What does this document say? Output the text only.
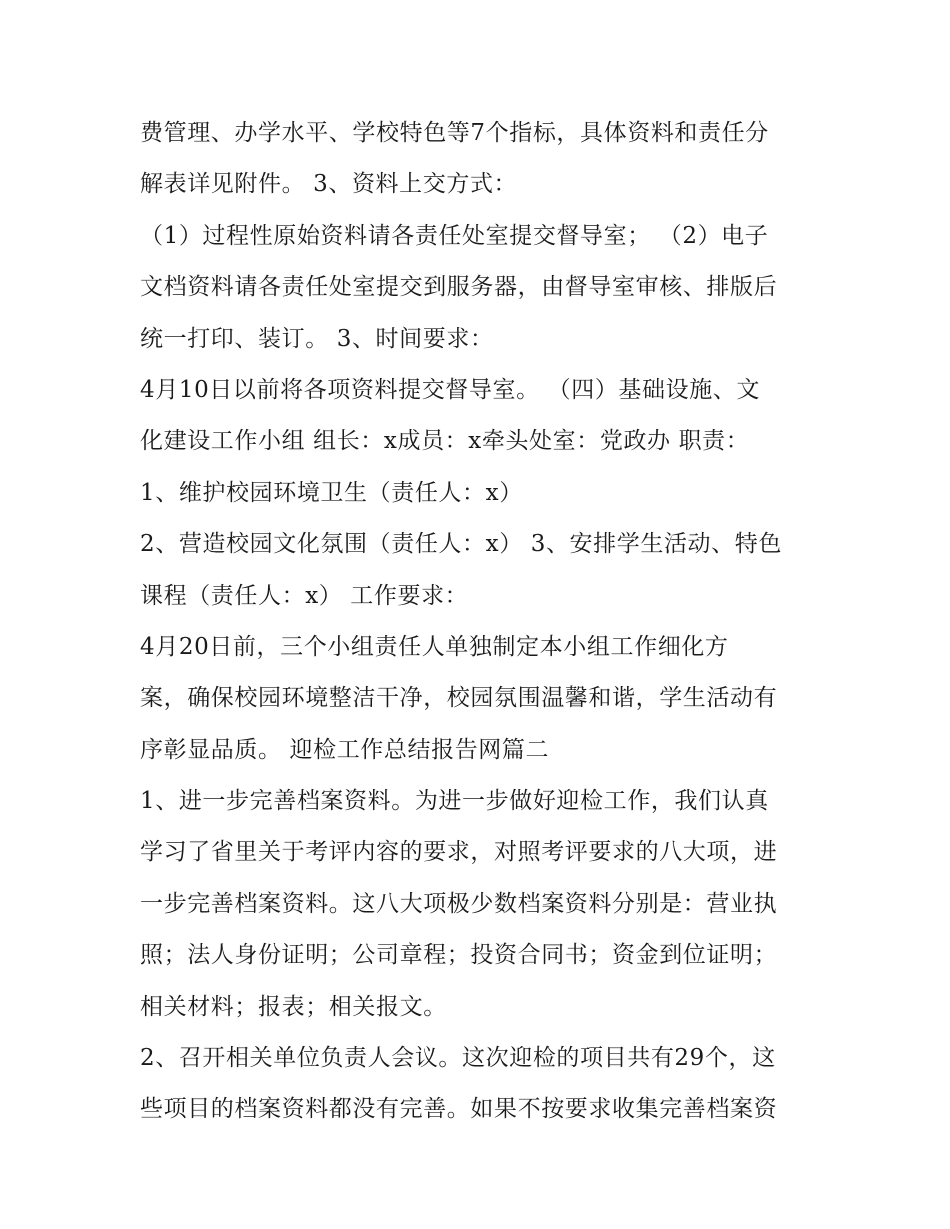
费管理、办学水平、学校特色等7个指标，具体资料和责任分
解表详见附件。 3、资料上交方式：
（1）过程性原始资料请各责任处室提交督导室； （2）电子
文档资料请各责任处室提交到服务器，由督导室审核、排版后
统一打印、装订。 3、时间要求：
4月10日以前将各项资料提交督导室。 （四）基础设施、文
化建设工作小组 组长：x成员：x牵头处室：党政办 职责：
1、维护校园环境卫生（责任人：x）
2、营造校园文化氛围（责任人：x） 3、安排学生活动、特色
课程（责任人：x） 工作要求：
4月20日前，三个小组责任人单独制定本小组工作细化方
案，确保校园环境整洁干净，校园氛围温馨和谐，学生活动有
序彰显品质。 迎检工作总结报告网篇二
1、进一步完善档案资料。为进一步做好迎检工作，我们认真
学习了省里关于考评内容的要求，对照考评要求的八大项，进
一步完善档案资料。这八大项极少数档案资料分别是：营业执
照；法人身份证明；公司章程；投资合同书；资金到位证明；
相关材料；报表；相关报文。
2、召开相关单位负责人会议。这次迎检的项目共有29个，这
些项目的档案资料都没有完善。如果不按要求收集完善档案资
